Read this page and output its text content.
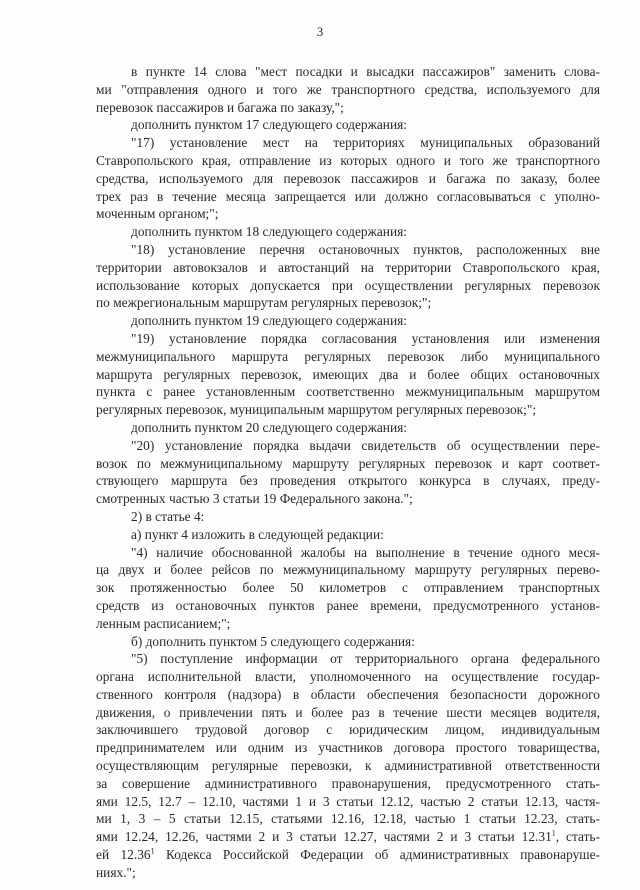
3
в пункте 14 слова "мест посадки и высадки пассажиров" заменить слова-
ми "отправления одного и того же транспортного средства, используемого для
перевозок пассажиров и багажа по заказу,";
дополнить пунктом 17 следующего содержания:
"17) установление мест на территориях муниципальных образований
Ставропольского края, отправление из которых одного и того же транспортного
средства, используемого для перевозок пассажиров и багажа по заказу, более
трех раз в течение месяца запрещается или должно согласовываться с уполно-
моченным органом;";
дополнить пунктом 18 следующего содержания:
"18) установление перечня остановочных пунктов, расположенных вне
территории автовокзалов и автостанций на территории Ставропольского края,
использование которых допускается при осуществлении регулярных перевозок
по межрегиональным маршрутам регулярных перевозок;";
дополнить пунктом 19 следующего содержания:
"19) установление порядка согласования установления или изменения
межмуниципального маршрута регулярных перевозок либо муниципального
маршрута регулярных перевозок, имеющих два и более общих остановочных
пункта с ранее установленным соответственно межмуниципальным маршрутом
регулярных перевозок, муниципальным маршрутом регулярных перевозок;";
дополнить пунктом 20 следующего содержания:
"20) установление порядка выдачи свидетельств об осуществлении пере-
возок по межмуниципальному маршруту регулярных перевозок и карт соответ-
ствующего маршрута без проведения открытого конкурса в случаях, преду-
смотренных частью 3 статьи 19 Федерального закона.";
2) в статье 4:
а) пункт 4 изложить в следующей редакции:
"4) наличие обоснованной жалобы на выполнение в течение одного меся-
ца двух и более рейсов по межмуниципальному маршруту регулярных перево-
зок протяженностью более 50 километров с отправлением транспортных
средств из остановочных пунктов ранее времени, предусмотренного установ-
ленным расписанием;";
б) дополнить пунктом 5 следующего содержания:
"5) поступление информации от территориального органа федерального
органа исполнительной власти, уполномоченного на осуществление государ-
ственного контроля (надзора) в области обеспечения безопасности дорожного
движения, о привлечении пять и более раз в течение шести месяцев водителя,
заключившего трудовой договор с юридическим лицом, индивидуальным
предпринимателем или одним из участников договора простого товарищества,
осуществляющим регулярные перевозки, к административной ответственности
за совершение административного правонарушения, предусмотренного стать-
ями 12.5, 12.7 – 12.10, частями 1 и 3 статьи 12.12, частью 2 статьи 12.13, частя-
ми 1, 3 – 5 статьи 12.15, статьями 12.16, 12.18, частью 1 статьи 12.23, стать-
ями 12.24, 12.26, частями 2 и 3 статьи 12.27, частями 2 и 3 статьи 12.31$^1$, стать-
ей 12.36$^1$ Кодекса Российской Федерации об административных правонаруше-
ниях.";
